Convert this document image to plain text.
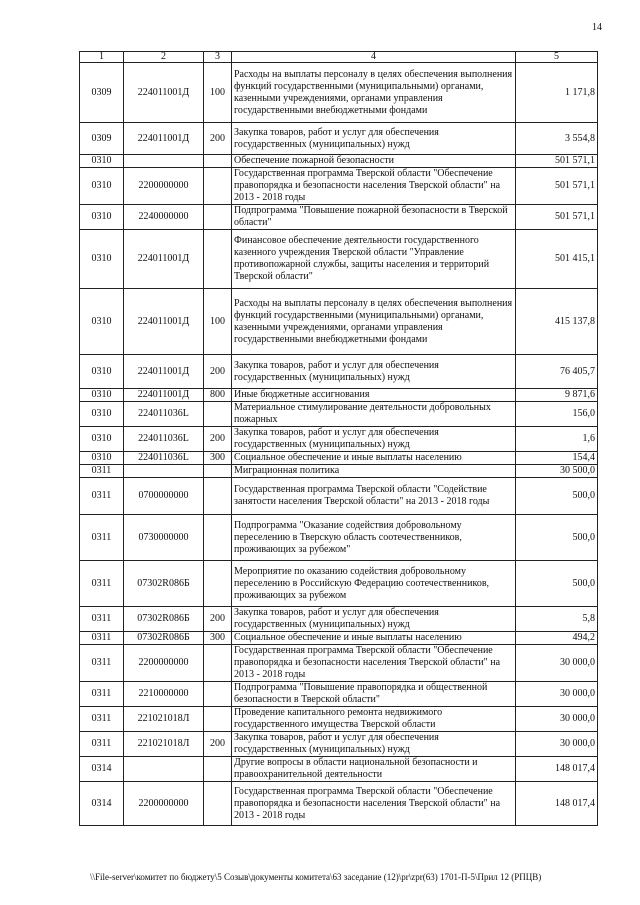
14
1	2	3	4	5
0309	224011001Д	100	Расходы на выплаты персоналу в целях обеспечения выполнения функций государственными (муниципальными) органами, казенными учреждениями, органами управления государственными внебюджетными фондами	1 171,8
0309	224011001Д	200	Закупка товаров, работ и услуг для обеспечения государственных (муниципальных) нужд	3 554,8
0310			Обеспечение пожарной безопасности	501 571,1
0310	2200000000		Государственная программа Тверской области "Обеспечение правопорядка и безопасности населения Тверской области" на 2013 - 2018 годы	501 571,1
0310	2240000000		Подпрограмма "Повышение пожарной безопасности в Тверской области"	501 571,1
0310	224011001Д		Финансовое обеспечение деятельности государственного казенного учреждения Тверской области "Управление противопожарной службы, защиты населения и территорий Тверской области"	501 415,1
0310	224011001Д	100	Расходы на выплаты персоналу в целях обеспечения выполнения функций государственными (муниципальными) органами, казенными учреждениями, органами управления государственными внебюджетными фондами	415 137,8
0310	224011001Д	200	Закупка товаров, работ и услуг для обеспечения государственных (муниципальных) нужд	76 405,7
0310	224011001Д	800	Иные бюджетные ассигнования	9 871,6
0310	224011036L		Материальное стимулирование деятельности добровольных пожарных	156,0
0310	224011036L	200	Закупка товаров, работ и услуг для обеспечения государственных (муниципальных) нужд	1,6
0310	224011036L	300	Социальное обеспечение и иные выплаты населению	154,4
0311			Миграционная политика	30 500,0
0311	0700000000		Государственная программа Тверской области "Содействие занятости населения Тверской области" на 2013 - 2018 годы	500,0
0311	0730000000		Подпрограмма "Оказание содействия добровольному переселению в Тверскую область соотечественников, проживающих за рубежом"	500,0
0311	07302R086Б		Мероприятие по оказанию содействия добровольному переселению в Российскую Федерацию соотечественников, проживающих за рубежом	500,0
0311	07302R086Б	200	Закупка товаров, работ и услуг для обеспечения государственных (муниципальных) нужд	5,8
0311	07302R086Б	300	Социальное обеспечение и иные выплаты населению	494,2
0311	2200000000		Государственная программа Тверской области "Обеспечение правопорядка и безопасности населения Тверской области" на 2013 - 2018 годы	30 000,0
0311	2210000000		Подпрограмма "Повышение правопорядка и общественной безопасности в Тверской области"	30 000,0
0311	221021018Л		Проведение капитального ремонта недвижимого государственного имущества Тверской области	30 000,0
0311	221021018Л	200	Закупка товаров, работ и услуг для обеспечения государственных (муниципальных) нужд	30 000,0
0314			Другие вопросы в области национальной безопасности и правоохранительной деятельности	148 017,4
0314	2200000000		Государственная программа Тверской области "Обеспечение правопорядка и безопасности населения Тверской области" на 2013 - 2018 годы	148 017,4
\\File-server\комитет по бюджету\5 Созыв\документы комитета\63 заседание (12)\pr\zpr(63) 1701-П-5\Прил 12 (РПЦВ)
